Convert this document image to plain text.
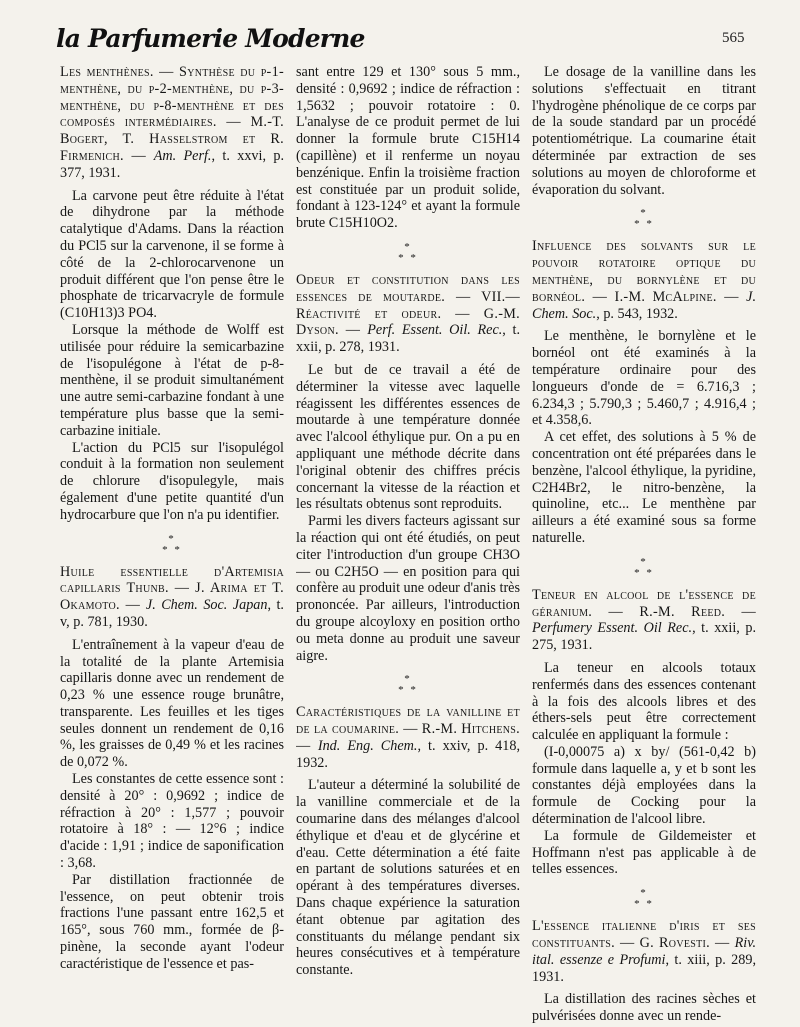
la Parfumerie Moderne	565

Les menthènes. — Synthèse du p-1-menthène, du p-2-menthène, du p-3-menthène, du p-8-menthène et des composés intermédiaires. — M.-T. Bogert, T. Hasselstrom et R. Firmenich. — Am. Perf., t. xxvi, p. 377, 1931.

La carvone peut être réduite à l'état de dihydrone par la méthode catalytique d'Adams. Dans la réaction du PCl5 sur la carvenone, il se forme à côté de la 2-chlorocarvenone un produit différent que l'on pense être le phosphate de tricarvacryle de formule (C10H13)3 PO4.

Lorsque la méthode de Wolff est utilisée pour réduire la semicarbazine de l'isopulégone à l'état de p-8-menthène, il se produit simultanément une autre semi-carbazine fondant à une température plus basse que la semi-carbazine initiale.

L'action du PCl5 sur l'isopulégol conduit à la formation non seulement de chlorure d'isopulegyle, mais également d'une petite quantité d'un hydrocarbure que l'on n'a pu identifier.

*
* *

Huile essentielle d'Artemisia capillaris Thunb. — J. Arima et T. Okamoto. — J. Chem. Soc. Japan, t. v, p. 781, 1930.

L'entraînement à la vapeur d'eau de la totalité de la plante Artemisia capillaris donne avec un rendement de 0,23 % une essence rouge brunâtre, transparente. Les feuilles et les tiges seules donnent un rendement de 0,16 %, les graisses de 0,49 % et les racines de 0,072 %.

Les constantes de cette essence sont : densité à 20° : 0,9692 ; indice de réfraction à 20° : 1,577 ; pouvoir rotatoire à 18° : — 12°6 ; indice d'acide : 1,91 ; indice de saponification : 3,68.

Par distillation fractionnée de l'essence, on peut obtenir trois fractions l'une passant entre 162,5 et 165°, sous 760 mm., formée de β-pinène, la seconde ayant l'odeur caractéristique de l'essence et pas-

sant entre 129 et 130° sous 5 mm., densité : 0,9692 ; indice de réfraction : 1,5632 ; pouvoir rotatoire : 0. L'analyse de ce produit permet de lui donner la formule brute C15H14 (capillène) et il renferme un noyau benzénique. Enfin la troisième fraction est constituée par un produit solide, fondant à 123-124° et ayant la formule brute C15H10O2.

*
* *

Odeur et constitution dans les essences de moutarde. — VII.— Réactivité et odeur. — G.-M. Dyson. — Perf. Essent. Oil. Rec., t. xxii, p. 278, 1931.

Le but de ce travail a été de déterminer la vitesse avec laquelle réagissent les différentes essences de moutarde à une température donnée avec l'alcool éthylique pur. On a pu en appliquant une méthode décrite dans l'original obtenir des chiffres précis concernant la vitesse de la réaction et les résultats obtenus sont reproduits.

Parmi les divers facteurs agissant sur la réaction qui ont été étudiés, on peut citer l'introduction d'un groupe CH3O — ou C2H5O — en position para qui confère au produit une odeur d'anis très prononcée. Par ailleurs, l'introduction du groupe alcoyloxy en position ortho ou meta donne au produit une saveur aigre.

*
* *

Caractéristiques de la vanilline et de la coumarine. — R.-M. Hitchens. — Ind. Eng. Chem., t. xxiv, p. 418, 1932.

L'auteur a déterminé la solubilité de la vanilline commerciale et de la coumarine dans des mélanges d'alcool éthylique et d'eau et de glycérine et d'eau. Cette détermination a été faite en partant de solutions saturées et en opérant à des températures diverses. Dans chaque expérience la saturation étant obtenue par agitation des constituants du mélange pendant six heures consécutives et à température constante.

Le dosage de la vanilline dans les solutions s'effectuait en titrant l'hydrogène phénolique de ce corps par de la soude standard par un procédé potentiométrique. La coumarine était déterminée par extraction de ses solutions au moyen de chloroforme et évaporation du solvant.

*
* *

Influence des solvants sur le pouvoir rotatoire optique du menthène, du bornylène et du bornéol. — I.-M. McAlpine. — J. Chem. Soc., p. 543, 1932.

Le menthène, le bornylène et le bornéol ont été examinés à la température ordinaire pour des longueurs d'onde de = 6.716,3 ; 6.234,3 ; 5.790,3 ; 5.460,7 ; 4.916,4 ; et 4.358,6.

A cet effet, des solutions à 5 % de concentration ont été préparées dans le benzène, l'alcool éthylique, la pyridine, C2H4Br2, le nitro-benzène, la quinoline, etc... Le menthène par ailleurs a été examiné sous sa forme naturelle.

*
* *

Teneur en alcool de l'essence de géranium. — R.-M. Reed. — Perfumery Essent. Oil Rec., t. xxii, p. 275, 1931.

La teneur en alcools totaux renfermés dans des essences contenant à la fois des alcools libres et des éthers-sels peut être correctement calculée en appliquant la formule :

(I-0,00075 a) x by/ (561-0,42 b) formule dans laquelle a, y et b sont les constantes déjà employées dans la formule de Cocking pour la détermination de l'alcool libre.

La formule de Gildemeister et Hoffmann n'est pas applicable à de telles essences.

*
* *

L'essence italienne d'iris et ses constituants. — G. Rovesti. — Riv. ital. essenze e Profumi, t. xiii, p. 289, 1931.

La distillation des racines sèches et pulvérisées donne avec un rende-
